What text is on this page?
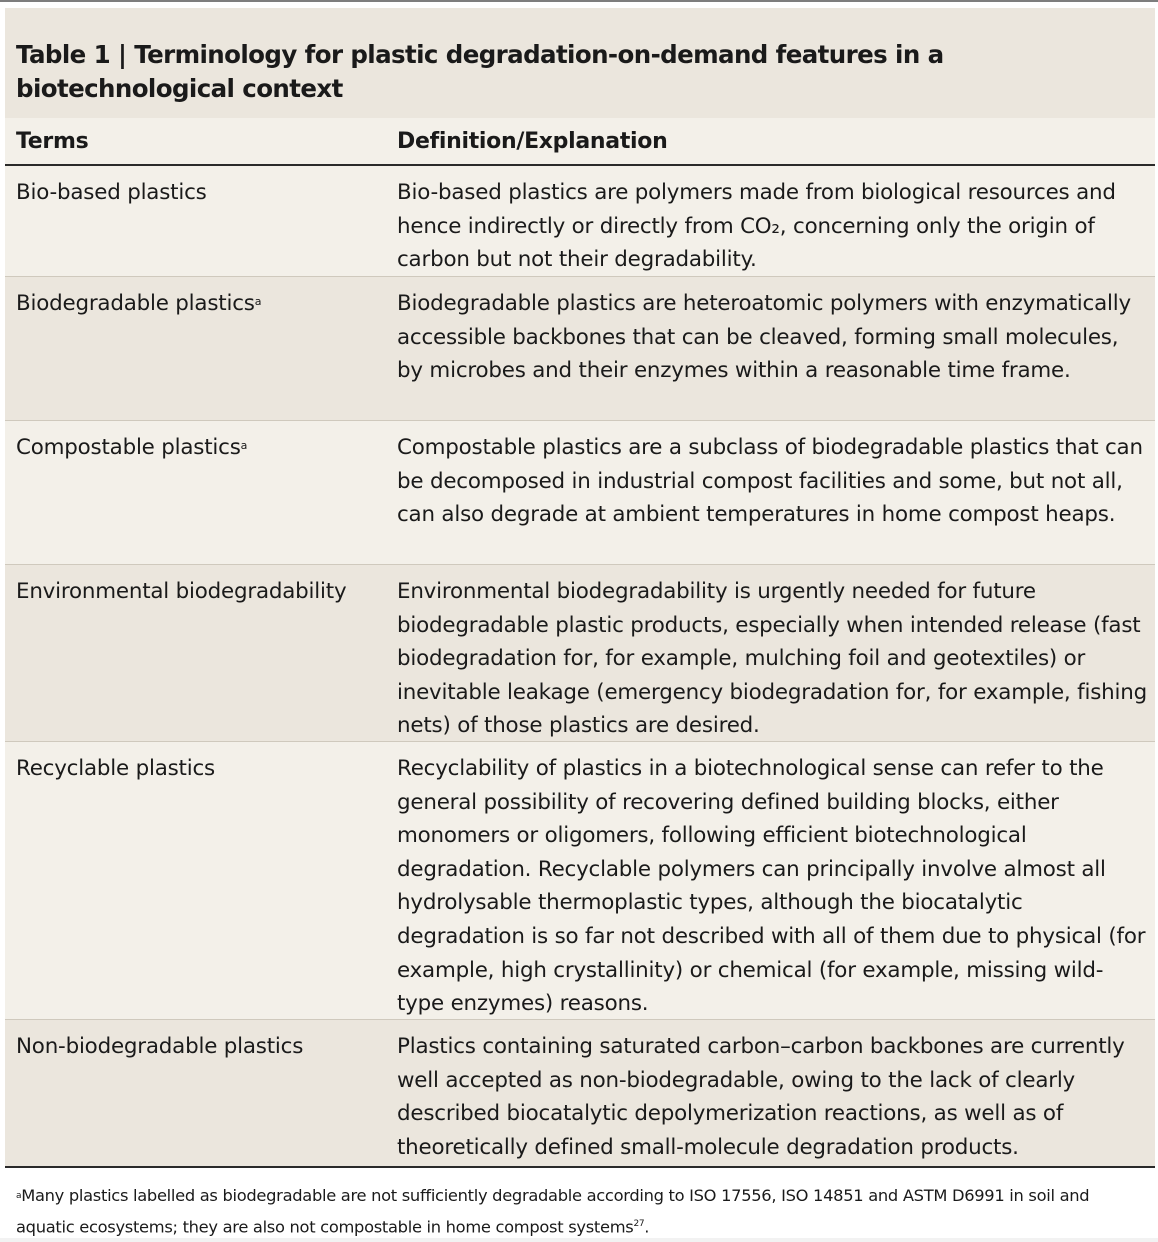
Table 1 | Terminology for plastic degradation-on-demand features in a biotechnological context
Terms	Definition/Explanation
Bio-based plastics	Bio-based plastics are polymers made from biological resources and hence indirectly or directly from CO₂, concerning only the origin of carbon but not their degradability.
Biodegradable plastics$^a$	Biodegradable plastics are heteroatomic polymers with enzymatically accessible backbones that can be cleaved, forming small molecules, by microbes and their enzymes within a reasonable time frame.
Compostable plastics$^a$	Compostable plastics are a subclass of biodegradable plastics that can be decomposed in industrial compost facilities and some, but not all, can also degrade at ambient temperatures in home compost heaps.
Environmental biodegradability	Environmental biodegradability is urgently needed for future biodegradable plastic products, especially when intended release (fast biodegradation for, for example, mulching foil and geotextiles) or inevitable leakage (emergency biodegradation for, for example, fishing nets) of those plastics are desired.
Recyclable plastics	Recyclability of plastics in a biotechnological sense can refer to the general possibility of recovering defined building blocks, either monomers or oligomers, following efficient biotechnological degradation. Recyclable polymers can principally involve almost all hydrolysable thermoplastic types, although the biocatalytic degradation is so far not described with all of them due to physical (for example, high crystallinity) or chemical (for example, missing wild-type enzymes) reasons.
Non-biodegradable plastics	Plastics containing saturated carbon–carbon backbones are currently well accepted as non-biodegradable, owing to the lack of clearly described biocatalytic depolymerization reactions, as well as of theoretically defined small-molecule degradation products.
$^a$Many plastics labelled as biodegradable are not sufficiently degradable according to ISO 17556, ISO 14851 and ASTM D6991 in soil and aquatic ecosystems; they are also not compostable in home compost systems$^{27}$.
